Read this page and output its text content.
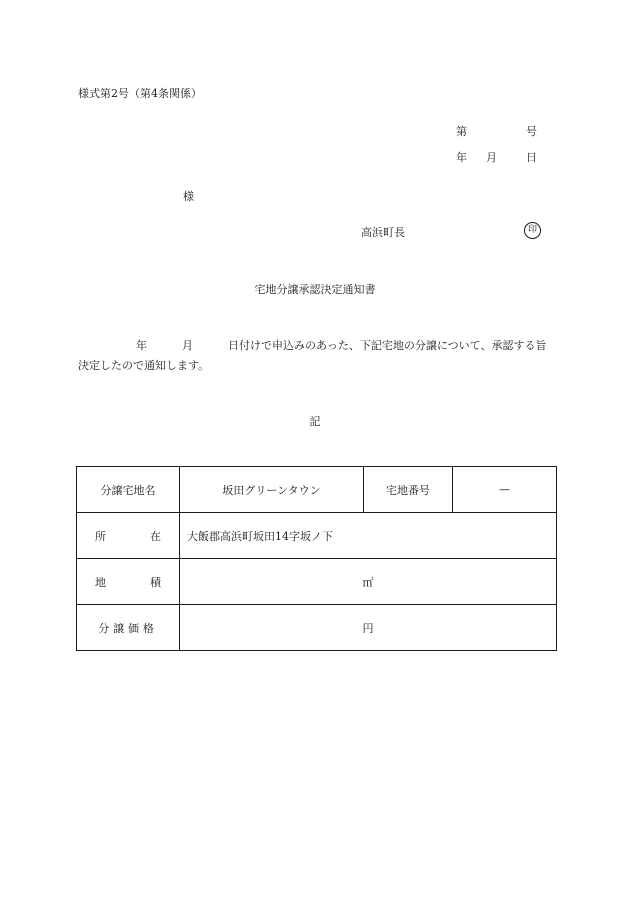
様式第2号（第4条関係）
第	号
年 月	日
様
高浜町長	印
宅地分譲承認決定通知書
年	月	日付けで申込みのあった、下記宅地の分譲について、承認する旨決定したので通知します。
記
分譲宅地名	坂田グリーンタウン	宅地番号	—

所 在	大飯郡高浜町坂田14字坂ノ下		

地 積	㎡		
分譲価格	円		
